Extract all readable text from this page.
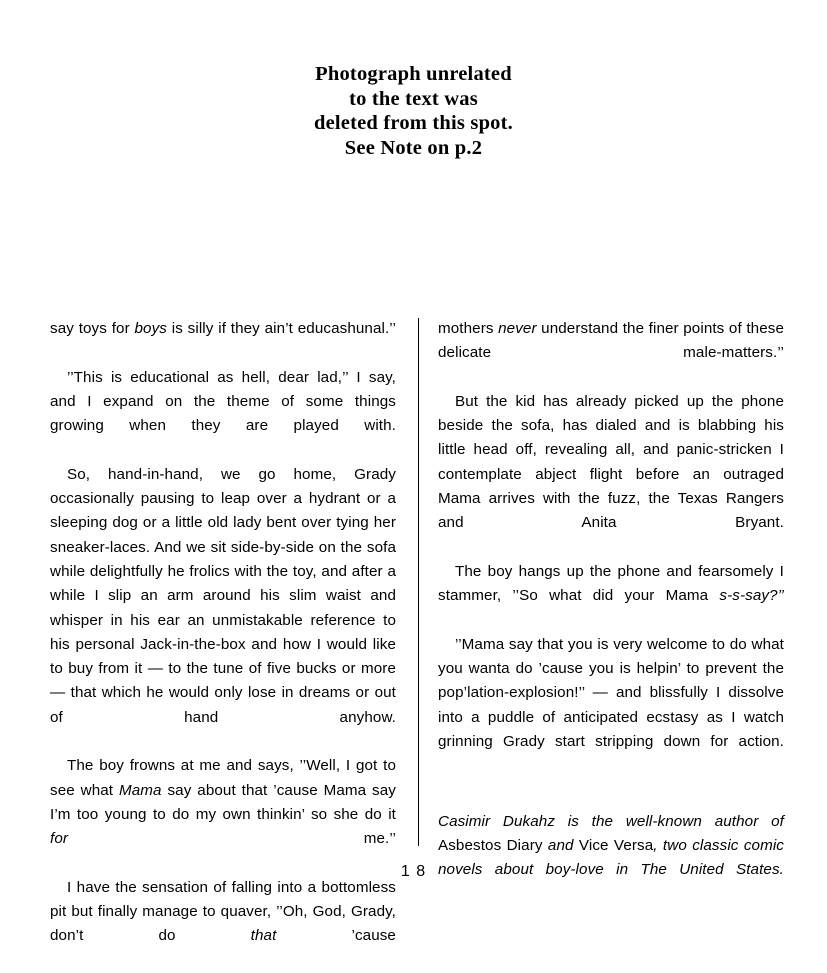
Photograph unrelated
to the text was
deleted from this spot.
See Note on p.2

say toys for boys is silly if they ain’t educashunal.’’

’’This is educational as hell, dear lad,’’ I say, and I expand on the theme of some things growing when they are played with.

So, hand-in-hand, we go home, Grady occasionally pausing to leap over a hydrant or a sleeping dog or a little old lady bent over tying her sneaker-laces. And we sit side-by-side on the sofa while delightfully he frolics with the toy, and after a while I slip an arm around his slim waist and whisper in his ear an unmistakable reference to his personal Jack-in-the-box and how I would like to buy from it — to the tune of five bucks or more — that which he would only lose in dreams or out of hand anyhow.

The boy frowns at me and says, ’’Well, I got to see what Mama say about that ’cause Mama say I’m too young to do my own thinkin’ so she do it for me.’’

I have the sensation of falling into a bottomless pit but finally manage to quaver, ’’Oh, God, Grady, don’t do that ’cause

mothers never understand the finer points of these delicate male-matters.’’

But the kid has already picked up the phone beside the sofa, has dialed and is blabbing his little head off, revealing all, and panic-stricken I contemplate abject flight before an outraged Mama arrives with the fuzz, the Texas Rangers and Anita Bryant.

The boy hangs up the phone and fearsomely I stammer, ’’So what did your Mama s-s-say?’’

’’Mama say that you is very welcome to do what you wanta do ’cause you is helpin’ to prevent the pop’lation-explosion!’’ — and blissfully I dissolve into a puddle of anticipated ecstasy as I watch grinning Grady start stripping down for action.

Casimir Dukahz is the well-known author of Asbestos Diary and Vice Versa, two classic comic novels about boy-love in The United States.

1 8
